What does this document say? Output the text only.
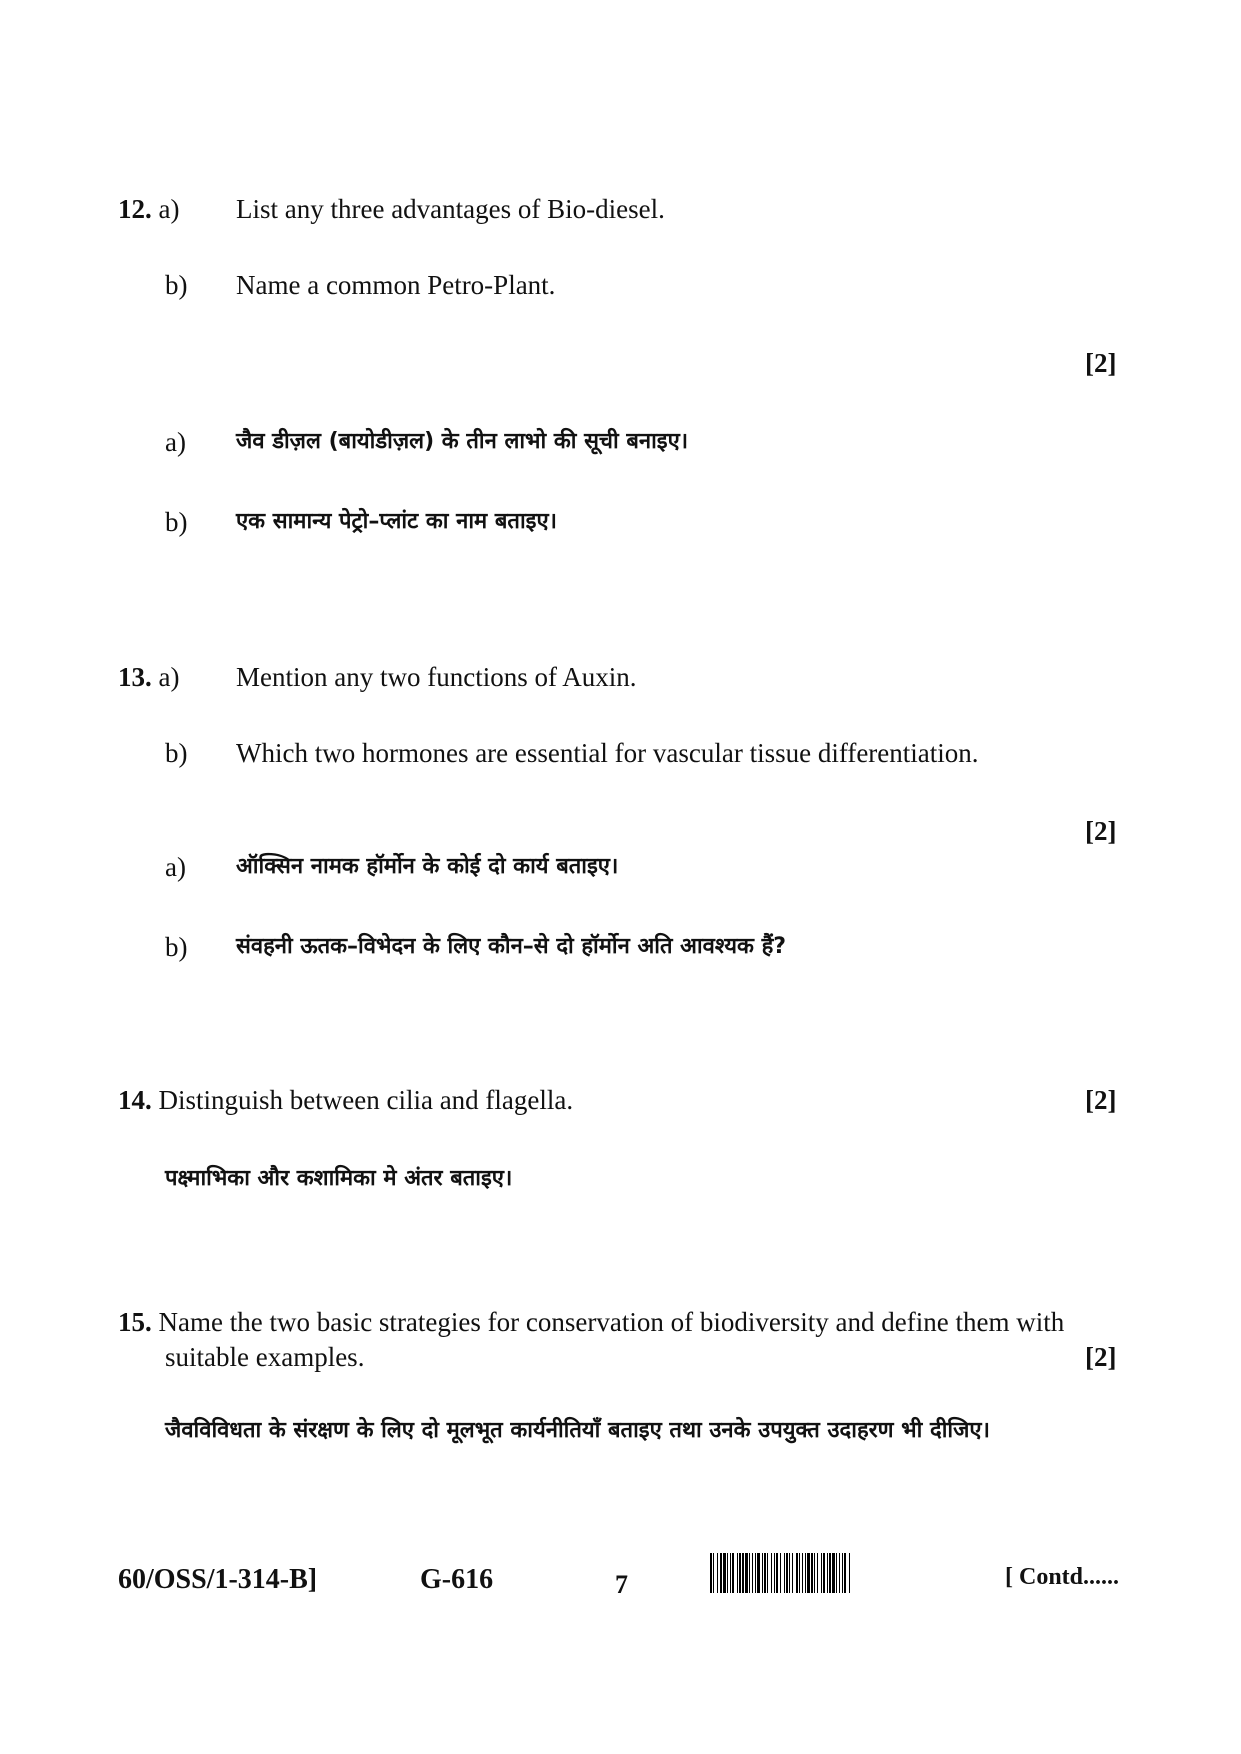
12. a) List any three advantages of Bio-diesel.
b) Name a common Petro-Plant.
[2]
a) जैव डीज़ल (बायोडीज़ल) के तीन लाभो की सूची बनाइए।
b) एक सामान्य पेट्रो–प्लांट का नाम बताइए।
13. a) Mention any two functions of Auxin.
b) Which two hormones are essential for vascular tissue differentiation.
[2]
a) ऑक्सिन नामक हॉर्मोन के कोई दो कार्य बताइए।
b) संवहनी ऊतक–विभेदन के लिए कौन–से दो हॉर्मोन अति आवश्यक हैं?
14. Distinguish between cilia and flagella.	[2]
पक्ष्माभिका और कशामिका मे अंतर बताइए।
15. Name the two basic strategies for conservation of biodiversity and define them with
suitable examples.	[2]
जैवविविधता के संरक्षण के लिए दो मूलभूत कार्यनीतियाँ बताइए तथा उनके उपयुक्त उदाहरण भी दीजिए।
60/OSS/1-314-B]	G-616	7	[ Contd......
